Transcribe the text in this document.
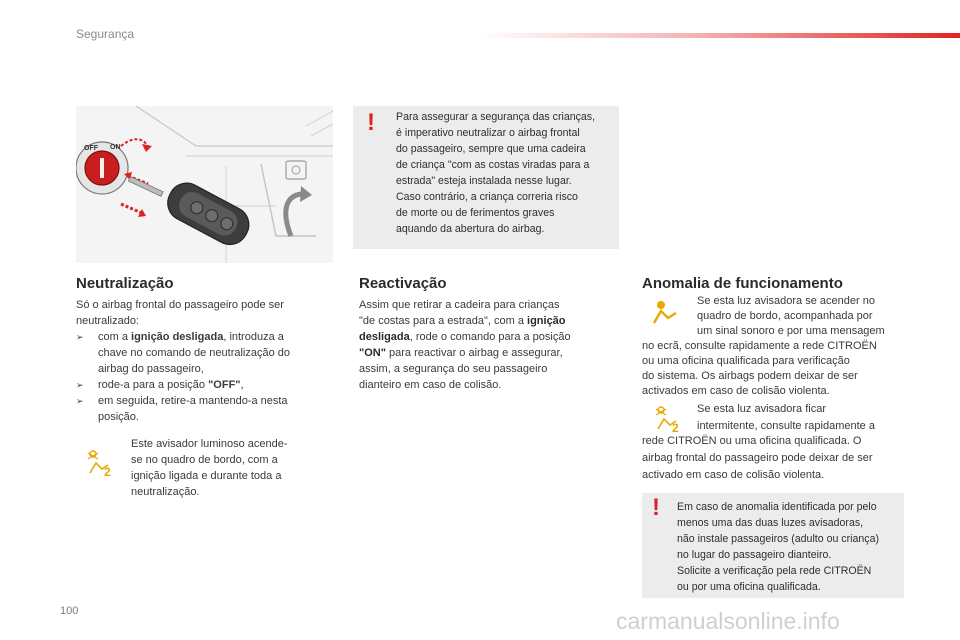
Segurança
OFF ON
! Para assegurar a segurança das crianças,
é imperativo neutralizar o airbag frontal
do passageiro, sempre que uma cadeira
de criança "com as costas viradas para a
estrada" esteja instalada nesse lugar.
Caso contrário, a criança correria risco
de morte ou de ferimentos graves
aquando da abertura do airbag.
Neutralização
Só o airbag frontal do passageiro pode ser
neutralizado:
➢ com a ignição desligada, introduza a
chave no comando de neutralização do
airbag do passageiro,
➢ rode-a para a posição "OFF",
➢ em seguida, retire-a mantendo-a nesta
posição.
2
Este avisador luminoso acende-
se no quadro de bordo, com a
ignição ligada e durante toda a
neutralização.
Reactivação
Assim que retirar a cadeira para crianças
"de costas para a estrada", com a ignição
desligada, rode o comando para a posição
"ON" para reactivar o airbag e assegurar,
assim, a segurança do seu passageiro
dianteiro em caso de colisão.
Anomalia de funcionamento
Se esta luz avisadora se acender no
quadro de bordo, acompanhada por
um sinal sonoro e por uma mensagem
no ecrã, consulte rapidamente a rede CITROËN
ou uma oficina qualificada para verificação
do sistema. Os airbags podem deixar de ser
activados em caso de colisão violenta.
2
Se esta luz avisadora ficar
intermitente, consulte rapidamente a
rede CITROËN ou uma oficina qualificada. O
airbag frontal do passageiro pode deixar de ser
activado em caso de colisão violenta.
! Em caso de anomalia identificada por pelo
menos uma das duas luzes avisadoras,
não instale passageiros (adulto ou criança)
no lugar do passageiro dianteiro.
Solicite a verificação pela rede CITROËN
ou por uma oficina qualificada.
100	carmanualsonline.info
